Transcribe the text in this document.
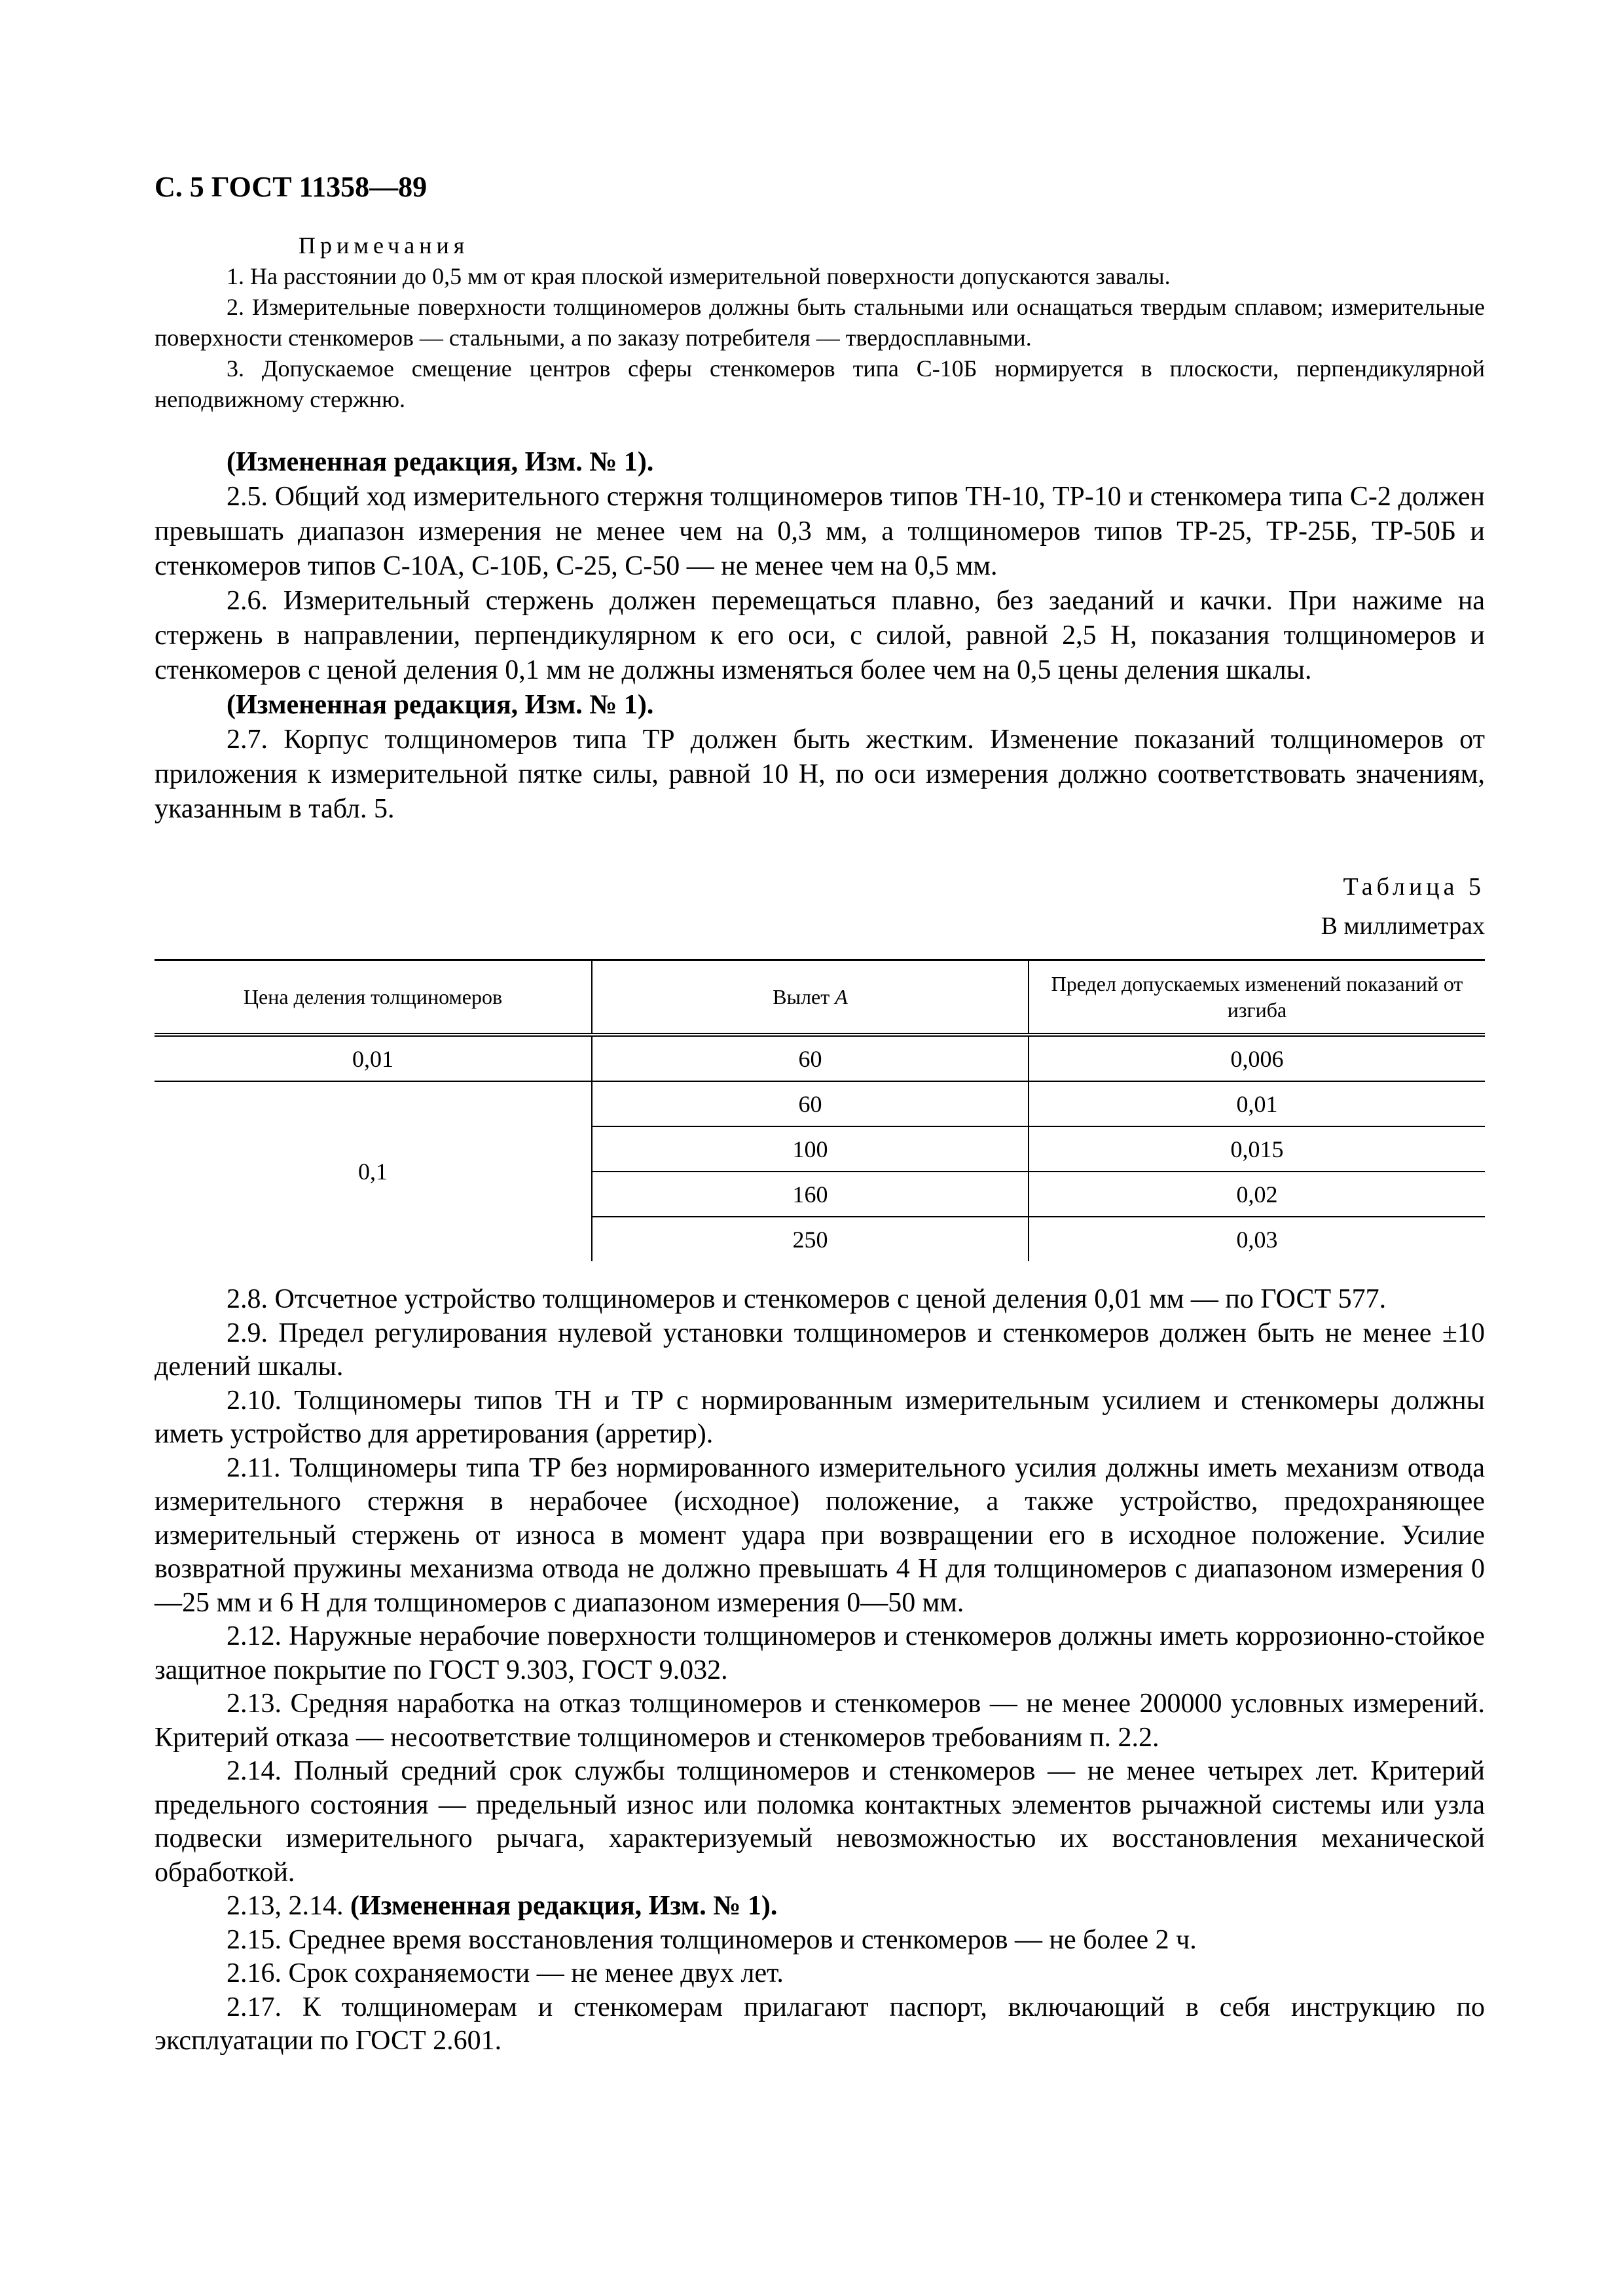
С. 5 ГОСТ 11358—89

Примечания

1. На расстоянии до 0,5 мм от края плоской измерительной поверхности допускаются завалы.

2. Измерительные поверхности толщиномеров должны быть стальными или оснащаться твердым сплавом; измерительные поверхности стенкомеров — стальными, а по заказу потребителя — твердосплавными.

3. Допускаемое смещение центров сферы стенкомеров типа С-10Б нормируется в плоскости, перпендикулярной неподвижному стержню.

(Измененная редакция, Изм. № 1).

2.5. Общий ход измерительного стержня толщиномеров типов ТН-10, ТР-10 и стенкомера типа С-2 должен превышать диапазон измерения не менее чем на 0,3 мм, а толщиномеров типов ТР-25, ТР-25Б, ТР-50Б и стенкомеров типов С-10А, С-10Б, С-25, С-50 — не менее чем на 0,5 мм.

2.6. Измерительный стержень должен перемещаться плавно, без заеданий и качки. При нажиме на стержень в направлении, перпендикулярном к его оси, с силой, равной 2,5 Н, показания толщиномеров и стенкомеров с ценой деления 0,1 мм не должны изменяться более чем на 0,5 цены деления шкалы.

(Измененная редакция, Изм. № 1).

2.7. Корпус толщиномеров типа ТР должен быть жестким. Изменение показаний толщиномеров от приложения к измерительной пятке силы, равной 10 Н, по оси измерения должно соответствовать значениям, указанным в табл. 5.

Таблица 5
В миллиметрах
Цена деления толщиномеров	Вылет А	Предел допускаемых изменений показаний от изгиба
0,01	60	0,006
0,1	60	0,01
	100	0,015
	160	0,02
	250	0,03

2.8. Отсчетное устройство толщиномеров и стенкомеров с ценой деления 0,01 мм — по ГОСТ 577.

2.9. Предел регулирования нулевой установки толщиномеров и стенкомеров должен быть не менее ±10 делений шкалы.

2.10. Толщиномеры типов ТН и ТР с нормированным измерительным усилием и стенкомеры должны иметь устройство для арретирования (арретир).

2.11. Толщиномеры типа ТР без нормированного измерительного усилия должны иметь механизм отвода измерительного стержня в нерабочее (исходное) положение, а также устройство, предохраняющее измерительный стержень от износа в момент удара при возвращении его в исходное положение. Усилие возвратной пружины механизма отвода не должно превышать 4 Н для толщиномеров с диапазоном измерения 0—25 мм и 6 Н для толщиномеров с диапазоном измерения 0—50 мм.

2.12. Наружные нерабочие поверхности толщиномеров и стенкомеров должны иметь коррозионно-стойкое защитное покрытие по ГОСТ 9.303, ГОСТ 9.032.

2.13. Средняя наработка на отказ толщиномеров и стенкомеров — не менее 200000 условных измерений. Критерий отказа — несоответствие толщиномеров и стенкомеров требованиям п. 2.2.

2.14. Полный средний срок службы толщиномеров и стенкомеров — не менее четырех лет. Критерий предельного состояния — предельный износ или поломка контактных элементов рычажной системы или узла подвески измерительного рычага, характеризуемый невозможностью их восстановления механической обработкой.

2.13, 2.14. (Измененная редакция, Изм. № 1).

2.15. Среднее время восстановления толщиномеров и стенкомеров — не более 2 ч.

2.16. Срок сохраняемости — не менее двух лет.

2.17. К толщиномерам и стенкомерам прилагают паспорт, включающий в себя инструкцию по эксплуатации по ГОСТ 2.601.
